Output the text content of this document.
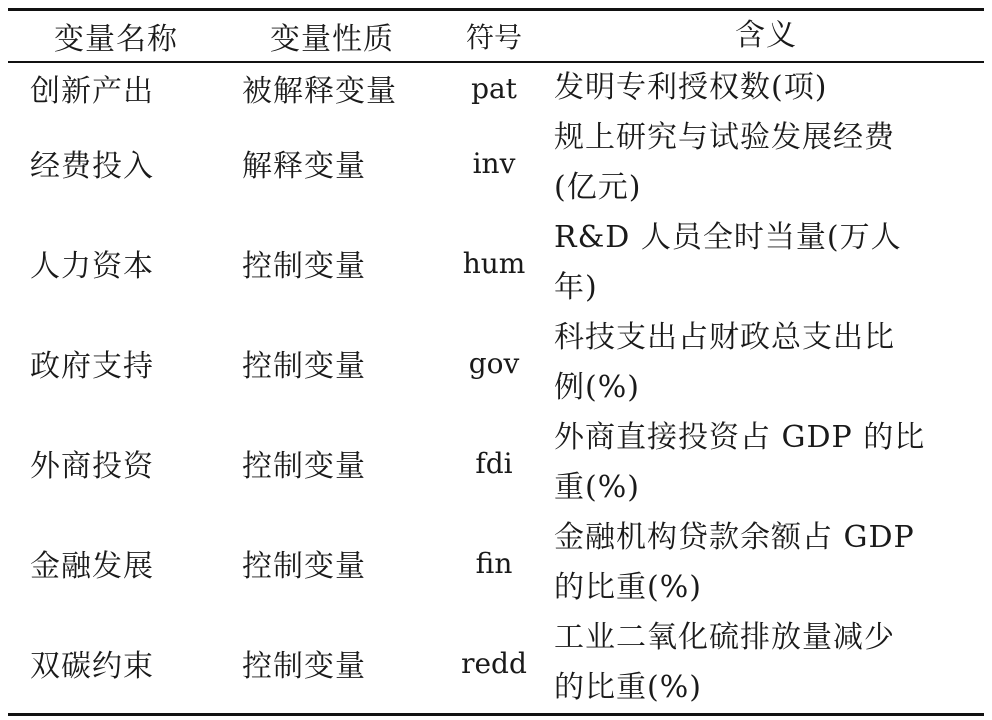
变量名称	变量性质	符号	含义
创新产出	被解释变量	pat	发明专利授权数(项)

经费投入	解释变量	inv	规上研究与试验发展经费
(亿元)

人力资本	控制变量	hum	R&D 人员全时当量(万人
年)

政府支持	控制变量	gov	科技支出占财政总支出比
例(%)

外商投资	控制变量	fdi	外商直接投资占 GDP 的比
重(%)

金融发展	控制变量	fin	金融机构贷款余额占 GDP
的比重(%)

双碳约束	控制变量	redd	工业二氧化硫排放量减少
的比重(%)
